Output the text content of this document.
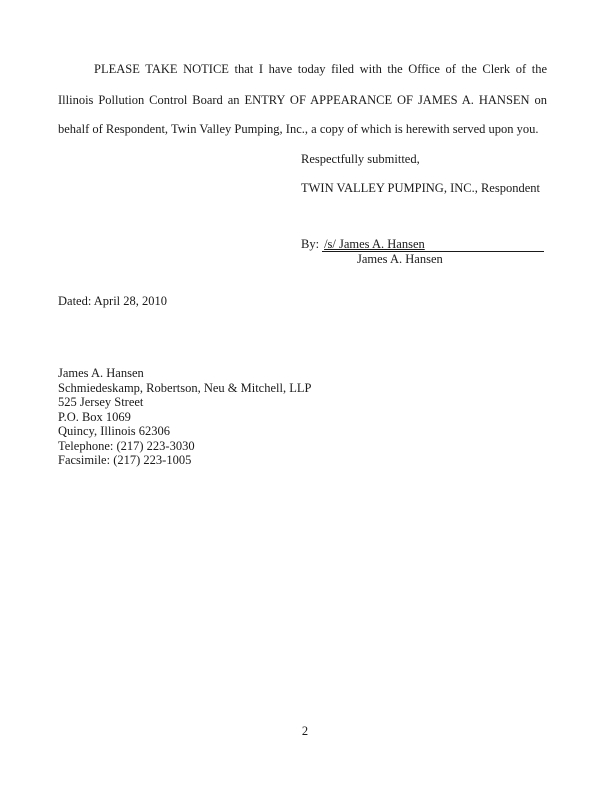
PLEASE TAKE NOTICE that I have today filed with the Office of the Clerk of the
Illinois Pollution Control Board an ENTRY OF APPEARANCE OF JAMES A. HANSEN on
behalf of Respondent, Twin Valley Pumping, Inc., a copy of which is herewith served upon you.
Respectfully submitted,
TWIN VALLEY PUMPING, INC., Respondent
By: /s/ James A. Hansen
James A. Hansen
Dated: April 28, 2010
James A. Hansen
Schmiedeskamp, Robertson, Neu & Mitchell, LLP
525 Jersey Street
P.O. Box 1069
Quincy, Illinois 62306
Telephone: (217) 223-3030
Facsimile: (217) 223-1005
2
